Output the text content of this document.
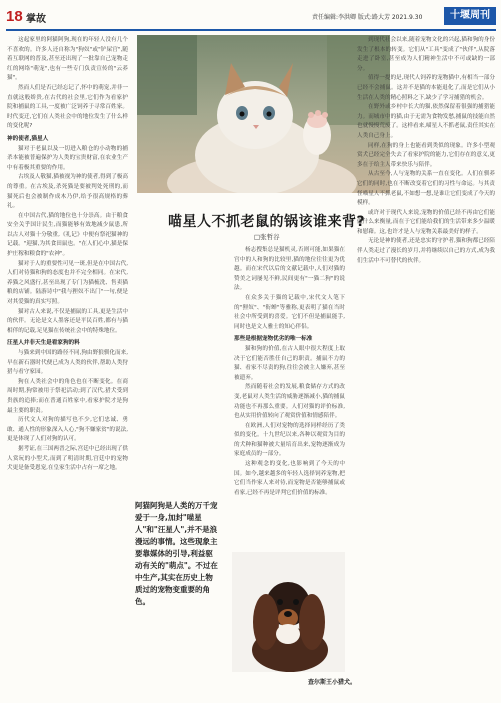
18 掌故	责任编辑:李洪卿 版式:路大芳 2021.9.30	十堰周刊

这起家里的阿猫阿狗,现在的年轻人没有几个不喜欢的。许多人还自称为"狗奴"或"铲屎官",随着互联网的普及,甚至还出现了一批靠自己宠物走红的网络"萌宠",也有一些专门负责宣传的"云养猫"。

然而人们是否已经忘记了,怀中的萌宠,并非一直就这般娇贵,在古代的社会里,它们作为看家护院和捕鼠的工具,一度被广泛饲养于寻常百姓家。时代变迁,它们在人类社会中的地位发生了什么样的变化呢?

神的使者,猫星人

猫对于老鼠以及一切进入粮仓的小动物的捕杀本能被普遍保护为人类的宝贵财富,在农业生产中有着极其重要的作用。

古埃及人敬猫,猫被视为神的使者,得到了极高的尊重。在古埃及,杀死猫是要被判处死刑的,而猫死后也会被制作成木乃伊,给予很高规格的葬礼。

在中国古代,猫的地位也十分崇高。由于粮食安全关乎国计民生,而猫能够有效地减少鼠患,所以古人对猫十分敬重,《礼记》中便有祭祀猫神的记载。"迎猫,为其食田鼠也。"在人们心中,猫是保护庄稼和粮食的"农神"。

猫对于人的重要性可见一斑,但是在中国古代,人们对待猫和狗的态度也并不完全相同。在宋代,养猫之风盛行,甚至出现了专门为猫梳洗、售卖猫粮的店铺。陆游诗中"我与狸奴不出门"一句,便是对其爱猫的真实写照。

猫对古人来说,不仅是捕鼠的工具,更是生活中的伙伴。无论是文人墨客还是平民百姓,都有与猫相伴的记载,足见猫在传统社会中的特殊地位。

汪星人并非天生是看家狗的料

与猫来到中国的路径不同,狗由野狼驯化而来,早在新石器时代便已成为人类的伙伴,帮助人类狩猎与看守家园。

狗在人类社会中的角色也在不断变化。在商周时期,狗常被用于祭祀活动;到了汉代,猎犬受到贵族的追捧;而在普通百姓家中,看家护院才是狗最主要的职责。

历代文人对狗的描写也不少,它们忠诚、勇敢、通人性的形象深入人心,"狗不嫌家贫"的说法,更是体现了人们对狗的认可。

据考证,在三国两晋之际,宫廷中已经出现了供人赏玩的小型犬,而到了明清时期,宫廷中的宠物犬更是备受恩宠,在皇家生活中占有一席之地。

喵星人不抓老鼠的锅该谁来背?
□张哲谷

杨志搜集总是猫机灵,否则可能,如果猫在宫中的人和狗的比较里,猫的地位往往更为优越。而在宋代以后的文献记载中,人们对猫的赞美之词屡见不鲜,民间更有"一猫二狗"的说法。

在众多关于猫的记载中,宋代文人笔下的"狸奴"、"衔蝉"等雅称,更表明了猫在当时社会中所受到的喜爱。它们不但是捕鼠能手,同时也是文人雅士的知心伴侣。

那些是根据宠物优劣的唯一标准

猫和狗的价值,在古人眼中很大程度上取决于它们能否胜任自己的职责。捕鼠不力的猫、看家不尽责的狗,往往会被主人嫌弃,甚至被遗弃。

然而随着社会的发展,粮食储存方式的改变,老鼠对人类生活的威胁逐渐减小,猫的捕鼠功能也不再那么重要。人们对猫的评价标准,也从实用价值转向了观赏价值和情感陪伴。

在欧洲,人们对宠物的选择同样经历了类似的变化。十九世纪以来,各种以观赏为目的的犬种和猫种被大量培育出来,宠物逐渐成为家庭成员的一部分。

这种观念的变化,也影响到了今天的中国。如今,越来越多的年轻人选择饲养宠物,把它们当作家人来对待,而宠物是否能够捕鼠或看家,已经不再是评判它们价值的标准。

阿猫阿狗是人类的万千宠爱于一身,加封"喵星人"和"汪星人",并不是浪漫远的事情。这些现象主要靠媒体的引导,利益驱动有关的"萌点"。不过在中生产,其实在历史上物质过的宠物变重要的角色。
查尔斯王小猎犬。

到现代社会以来,随着宠物文化的兴起,猫和狗的身份发生了根本的转变。它们从"工具"变成了"伙伴",从院落走进了卧室,甚至成为人们精神生活中不可或缺的一部分。

值得一提的是,现代人饲养的宠物猫中,有相当一部分已经不会捕鼠。这并不是猫的本能退化了,而是它们从小生活在人类的精心照料之下,缺少了学习捕猎的机会。

在野外或乡村中长大的猫,依然保留着很强的捕猎能力。而城市中的猫,由于无需为食物发愁,捕鼠的技能自然也就慢慢荒废了。这样看来,喵星人不抓老鼠,责任其实在人类自己身上。

同样,在狗的身上也能看到类似的现象。许多小型观赏犬已经完全失去了看家护院的能力,它们存在的意义,更多在于给主人带来快乐与陪伴。

从古至今,人与宠物的关系一直在变化。人们在驯养它们的同时,也在不断改变着它们的习性与命运。与其责怪喵星人不抓老鼠,不如想一想,是谁让它们变成了今天的模样。

或许对于现代人来说,宠物的价值已经不再由它们能做什么来衡量,而在于它们能给我们的生活带来多少温暖和慰藉。这,也许才是人与宠物关系最美好的样子。

无论是神的使者,还是忠实的守护者,猫和狗都已经陪伴人类走过了漫长的岁月,并将继续以自己的方式,成为我们生活中不可替代的伙伴。
